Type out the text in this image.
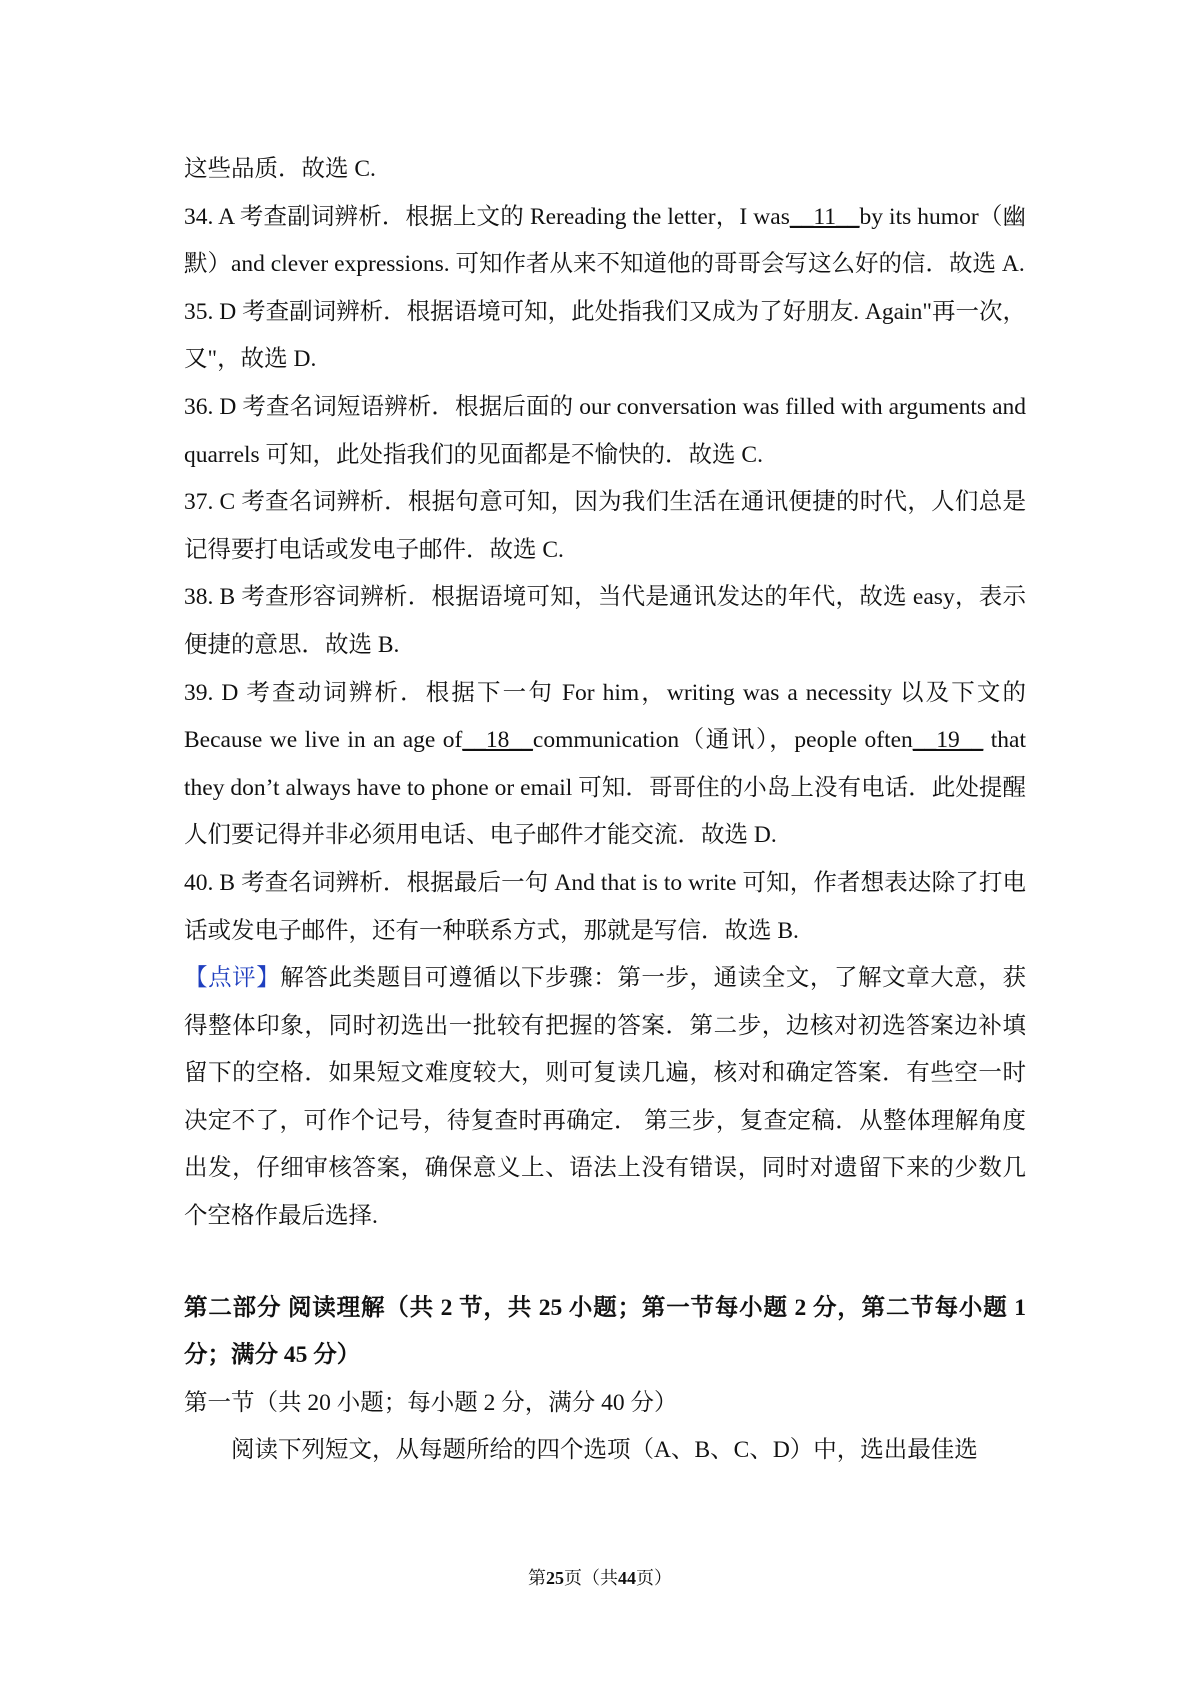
这些品质．故选 C.

34. A 考查副词辨析．根据上文的 Rereading the letter，I was__11__by its humor（幽默）and clever expressions. 可知作者从来不知道他的哥哥会写这么好的信．故选 A.

35. D 考查副词辨析．根据语境可知，此处指我们又成为了好朋友. Again"再一次，又"，故选 D.

36. D 考查名词短语辨析．根据后面的 our conversation was filled with arguments and quarrels 可知，此处指我们的见面都是不愉快的．故选 C.

37. C 考查名词辨析．根据句意可知，因为我们生活在通讯便捷的时代，人们总是记得要打电话或发电子邮件．故选 C.

38. B 考查形容词辨析．根据语境可知，当代是通讯发达的年代，故选 easy，表示便捷的意思．故选 B.

39. D 考查动词辨析．根据下一句 For him，writing was a necessity 以及下文的 Because we live in an age of__18__communication（通讯），people often__19__ that they don’t always have to phone or email 可知．哥哥住的小岛上没有电话．此处提醒人们要记得并非必须用电话、电子邮件才能交流．故选 D.

40. B 考查名词辨析．根据最后一句 And that is to write 可知，作者想表达除了打电话或发电子邮件，还有一种联系方式，那就是写信．故选 B.

【点评】解答此类题目可遵循以下步骤：第一步，通读全文，了解文章大意，获得整体印象，同时初选出一批较有把握的答案．第二步，边核对初选答案边补填留下的空格．如果短文难度较大，则可复读几遍，核对和确定答案．有些空一时决定不了，可作个记号，待复查时再确定． 第三步，复查定稿．从整体理解角度出发，仔细审核答案，确保意义上、语法上没有错误，同时对遗留下来的少数几个空格作最后选择.

第二部分 阅读理解（共 2 节，共 25 小题；第一节每小题 2 分，第二节每小题 1 分；满分 45 分）

第一节（共 20 小题；每小题 2 分，满分 40 分）

阅读下列短文，从每题所给的四个选项（A、B、C、D）中，选出最佳选

第25页（共44页）
